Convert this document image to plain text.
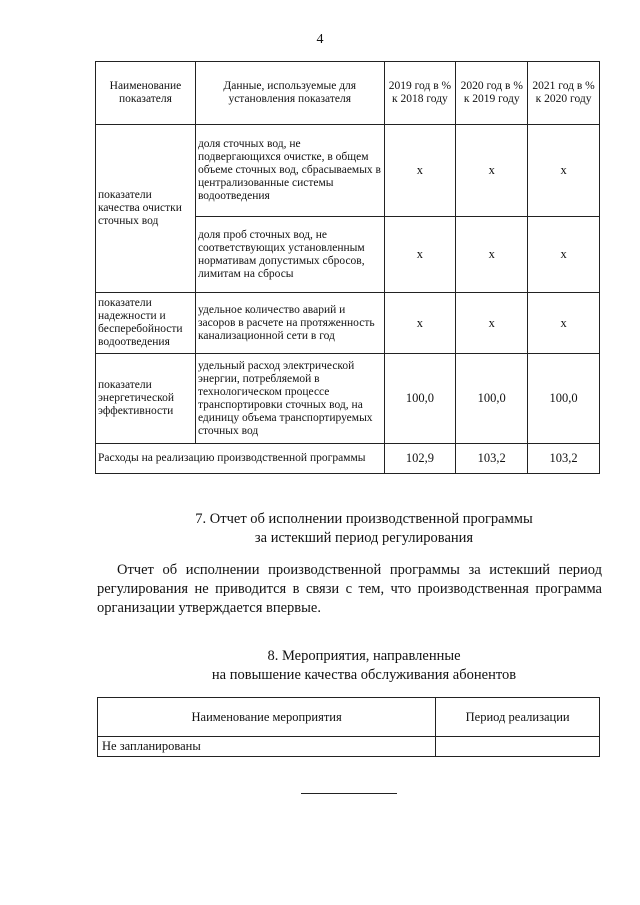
4
Наименование показателя	Данные, используемые для установления показателя	2019 год в % к 2018 году	2020 год в % к 2019 году	2021 год в % к 2020 году
показатели качества очистки сточных вод	доля сточных вод, не подвергающихся очистке, в общем объеме сточных вод, сбрасываемых в централизованные системы водоотведения	x	x	x
	доля проб сточных вод, не соответствующих установленным нормативам допустимых сбросов, лимитам на сбросы	x	x	x
показатели надежности и бесперебойности водоотведения	удельное количество аварий и засоров в расчете на протяженность канализационной сети в год	x	x	x
показатели энергетической эффективности	удельный расход электрической энергии, потребляемой в технологическом процессе транспортировки сточных вод, на единицу объема транспортируемых сточных вод	100,0	100,0	100,0
Расходы на реализацию производственной программы		102,9	103,2	103,2
7. Отчет об исполнении производственной программы
за истекший период регулирования
Отчет об исполнении производственной программы за истекший период регулирования не приводится в связи с тем, что производственная программа организации утверждается впервые.
8. Мероприятия, направленные
на повышение качества обслуживания абонентов
Наименование мероприятия	Период реализации
Не запланированы	
